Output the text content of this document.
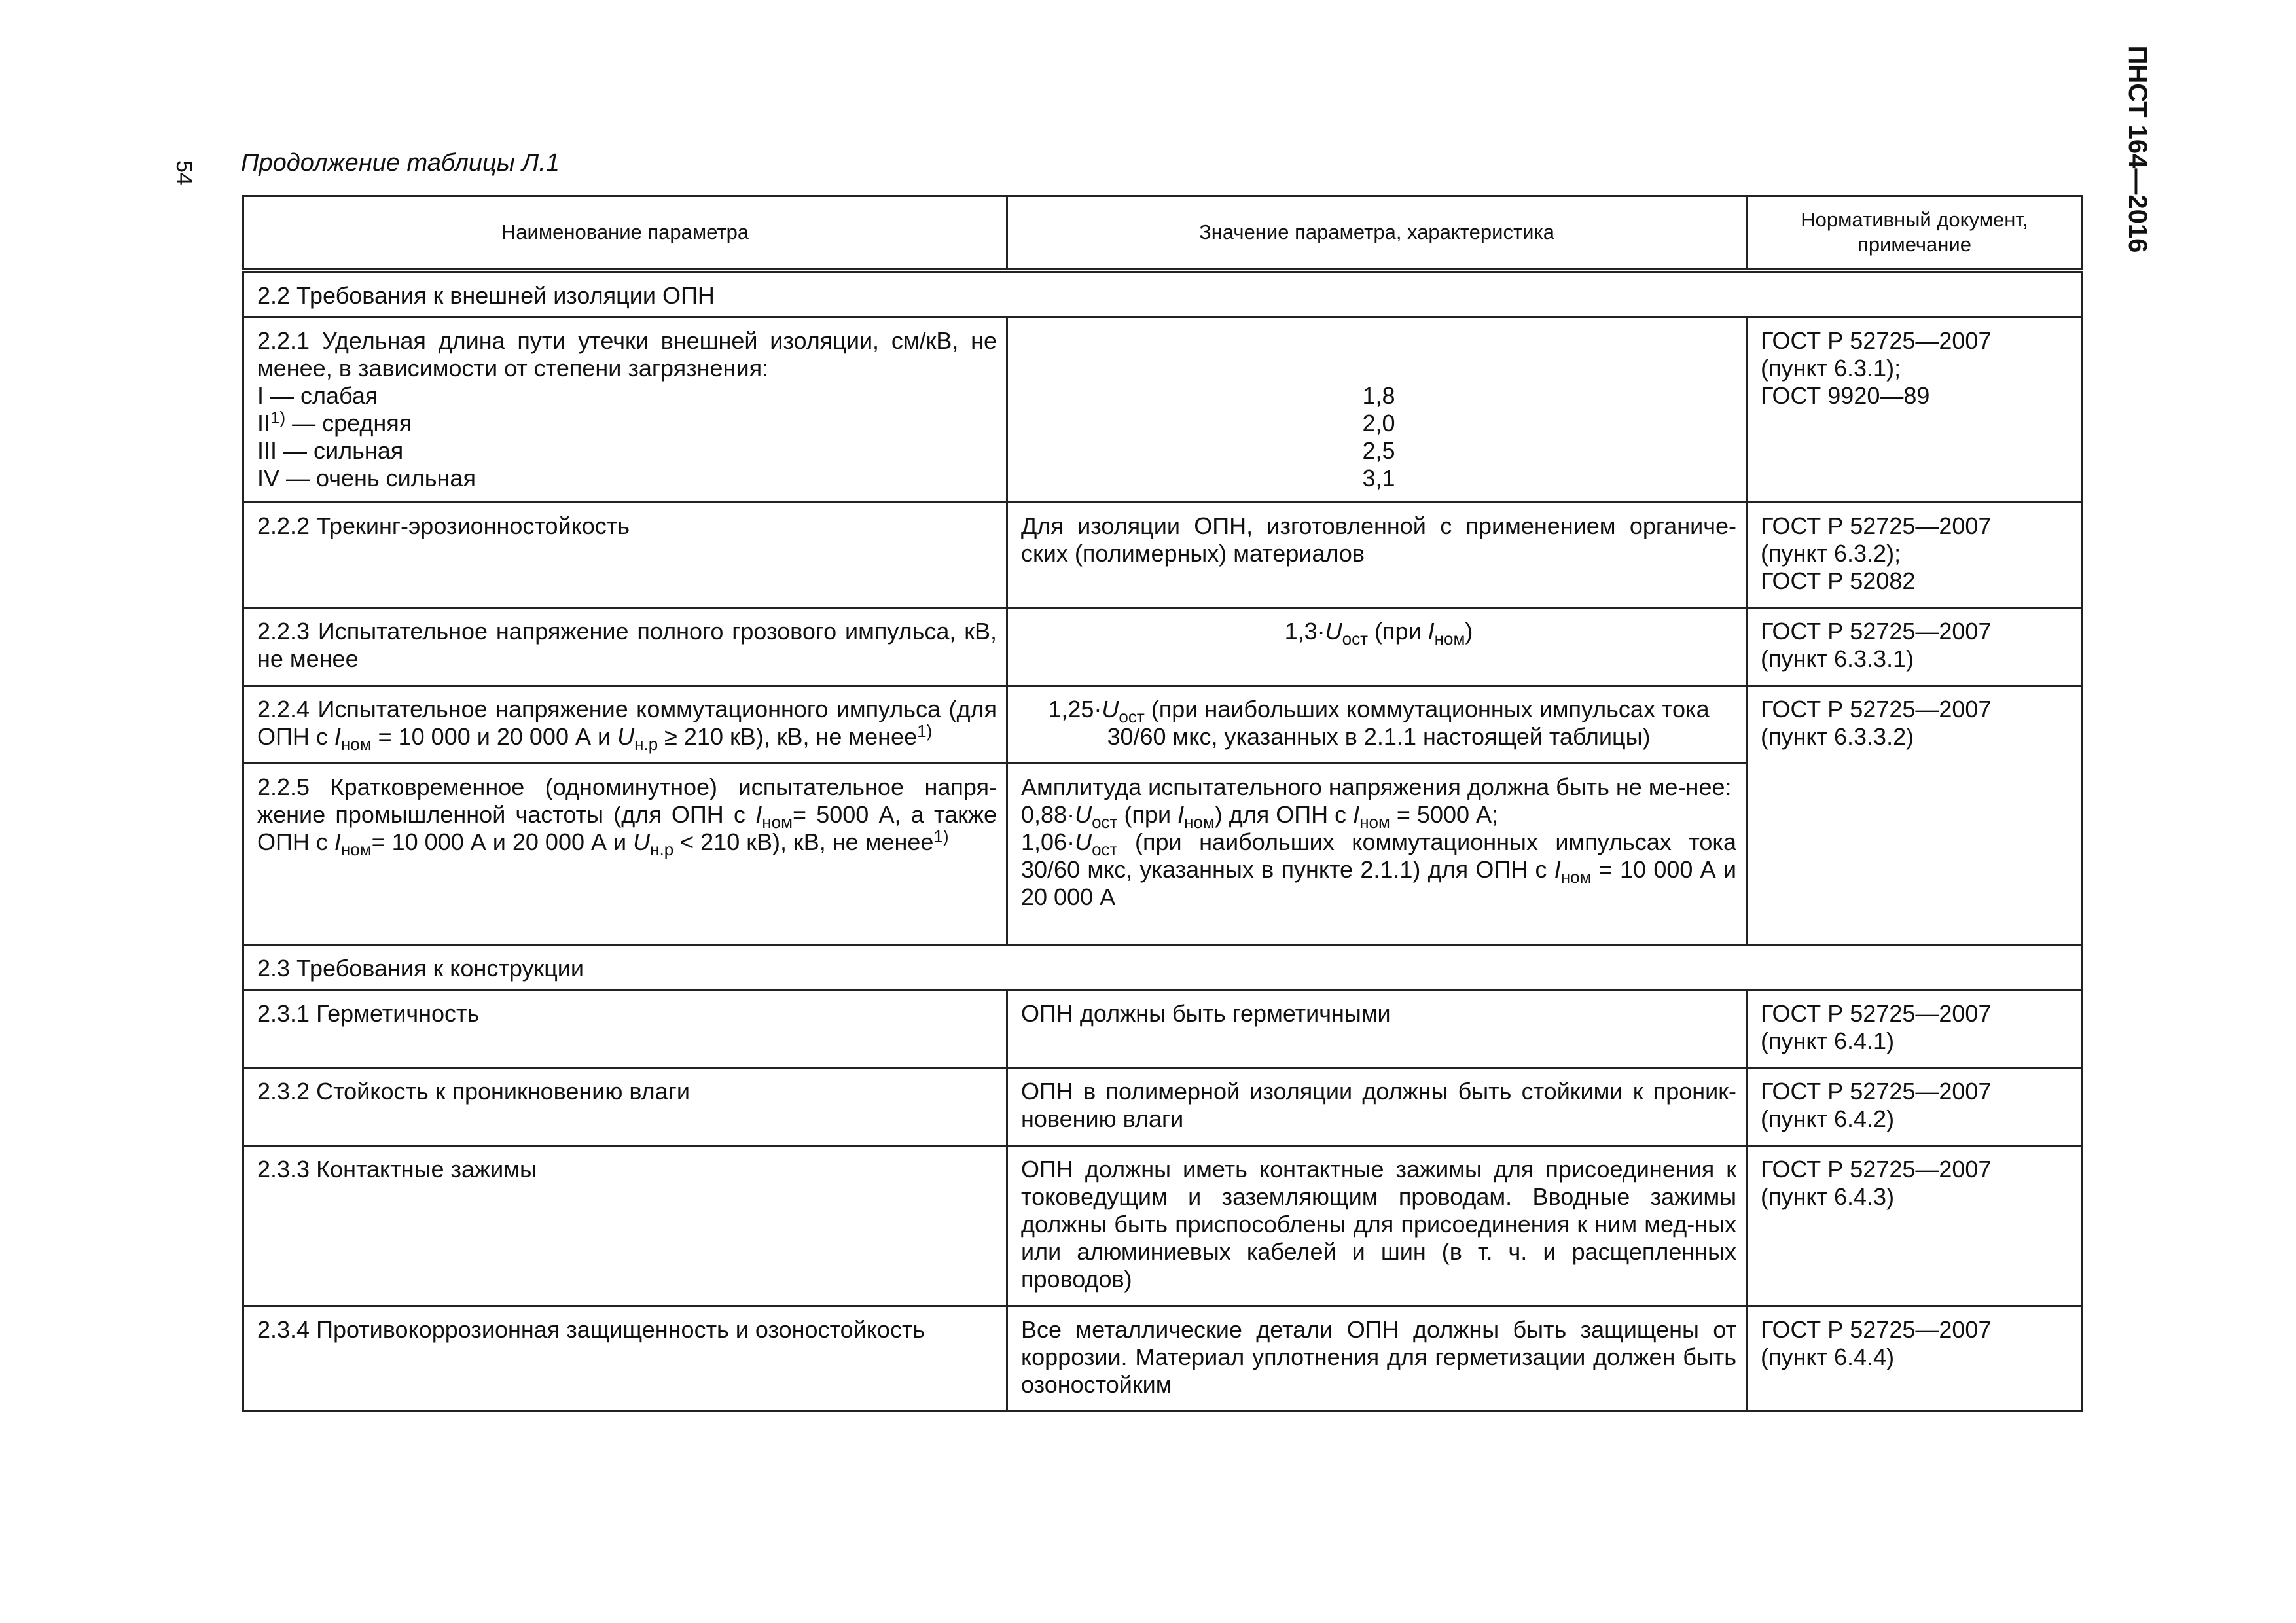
54	ПНСТ 164—2016
Продолжение таблицы Л.1
Наименование параметра	Значение параметра, характеристика	Нормативный документ, примечание
2.2 Требования к внешней изоляции ОПН		

2.2.1 Удельная длина пути утечки внешней изоляции, см/кВ, не менее, в зависимости от степени загрязнения:
I — слабая
II$^{1)}$ — средняя
III — сильная
IV — очень сильная	1,8
2,0
2,5
3,1	ГОСТ Р 52725—2007
(пункт 6.3.1);
ГОСТ 9920—89

2.2.2 Трекинг-эрозионностойкость	Для изоляции ОПН, изготовленной с применением органиче-ских (полимерных) материалов	ГОСТ Р 52725—2007
(пункт 6.3.2);
ГОСТ Р 52082

2.2.3 Испытательное напряжение полного грозового импульса, кВ, не менее	$1,3\cdot U_{ост}$ (при $I_{ном}$)	ГОСТ Р 52725—2007
(пункт 6.3.3.1)

2.2.4 Испытательное напряжение коммутационного импульса (для ОПН с $I_{ном} = 10$ 000 и 20 000 А и $U_{н.р} \ge 210$ кВ), кВ, не менее$^{1)}$	$1,25\cdot U_{ост}$ (при наибольших коммутационных импульсах тока 30/60 мкс, указанных в 2.1.1 настоящей таблицы)	ГОСТ Р 52725—2007
(пункт 6.3.3.2)

2.2.5 Кратковременное (одноминутное) испытательное напря-жение промышленной частоты (для ОПН с $I_{ном}= 5000$ А, а также ОПН с $I_{ном}= 10$ 000 А и 20 000 А и $U_{н.р} < 210$ кВ), кВ, не менее$^{1)}$	Амплитуда испытательного напряжения должна быть не ме-нее:
$0,88\cdot U_{ост}$ (при $I_{ном}$) для ОПН с $I_{ном} = 5000$ А;
$1,06\cdot U_{ост}$ (при наибольших коммутационных импульсах тока 30/60 мкс, указанных в пункте 2.1.1) для ОПН с $I_{ном} = 10$ 000 А и 20 000 А	

2.3 Требования к конструкции		
2.3.1 Герметичность	ОПН должны быть герметичными	ГОСТ Р 52725—2007
(пункт 6.4.1)

2.3.2 Стойкость к проникновению влаги	ОПН в полимерной изоляции должны быть стойкими к проник-новению влаги	ГОСТ Р 52725—2007
(пункт 6.4.2)

2.3.3 Контактные зажимы	ОПН должны иметь контактные зажимы для присоединения к токоведущим и заземляющим проводам. Вводные зажимы должны быть приспособлены для присоединения к ним мед-ных или алюминиевых кабелей и шин (в т. ч. и расщепленных проводов)	ГОСТ Р 52725—2007
(пункт 6.4.3)

2.3.4 Противокоррозионная защищенность и озоностойкость	Все металлические детали ОПН должны быть защищены от коррозии. Материал уплотнения для герметизации должен быть озоностойким	ГОСТ Р 52725—2007
(пункт 6.4.4)
